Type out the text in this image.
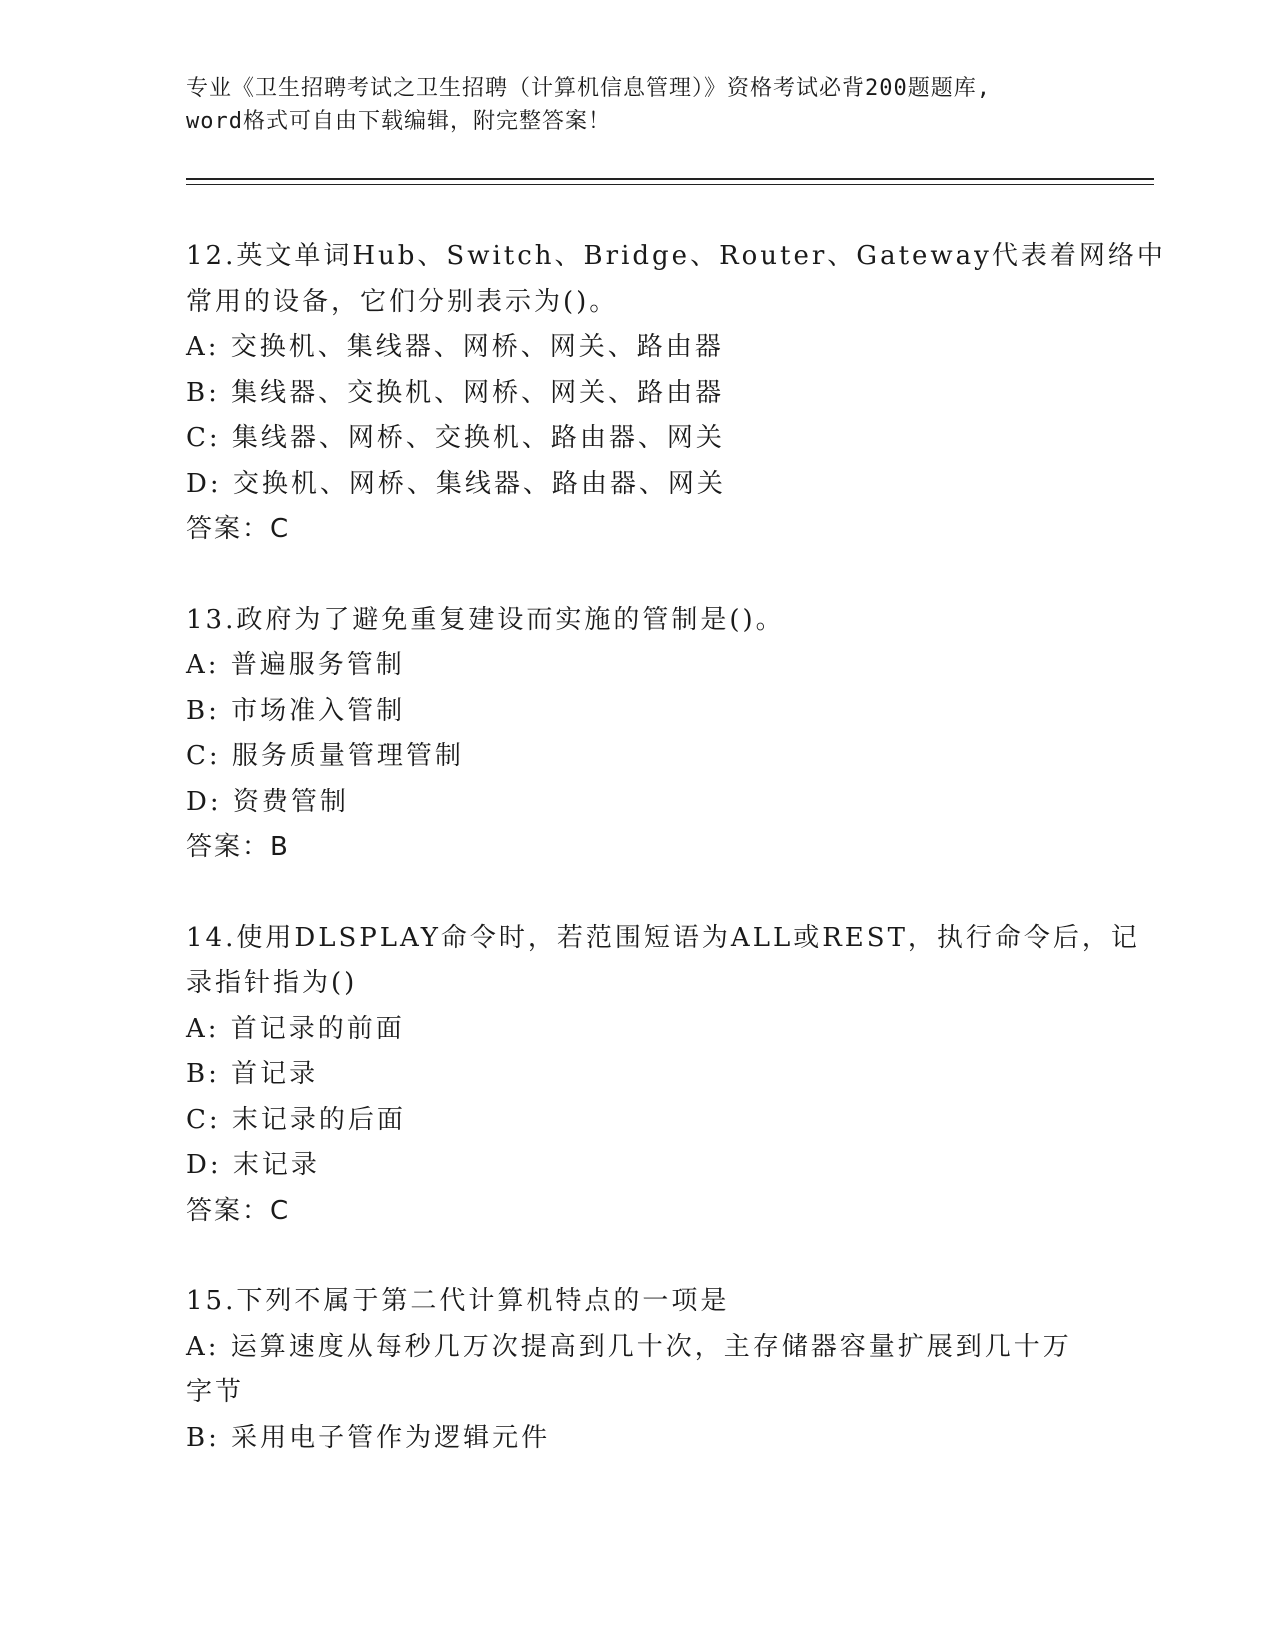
专业《卫生招聘考试之卫生招聘（计算机信息管理）》资格考试必背200题题库,
word格式可自由下载编辑，附完整答案！
12.英文单词Hub、Switch、Bridge、Router、Gateway代表着网络中
常用的设备，它们分别表示为()。
A: 交换机、集线器、网桥、网关、路由器
B: 集线器、交换机、网桥、网关、路由器
C: 集线器、网桥、交换机、路由器、网关
D: 交换机、网桥、集线器、路由器、网关
答案：C
13.政府为了避免重复建设而实施的管制是()。
A: 普遍服务管制
B: 市场准入管制
C: 服务质量管理管制
D: 资费管制
答案：B
14.使用DLSPLAY命令时，若范围短语为ALL或REST，执行命令后，记
录指针指为()
A: 首记录的前面
B: 首记录
C: 末记录的后面
D: 末记录
答案：C
15.下列不属于第二代计算机特点的一项是
A: 运算速度从每秒几万次提高到几十次，主存储器容量扩展到几十万
字节
B: 采用电子管作为逻辑元件
